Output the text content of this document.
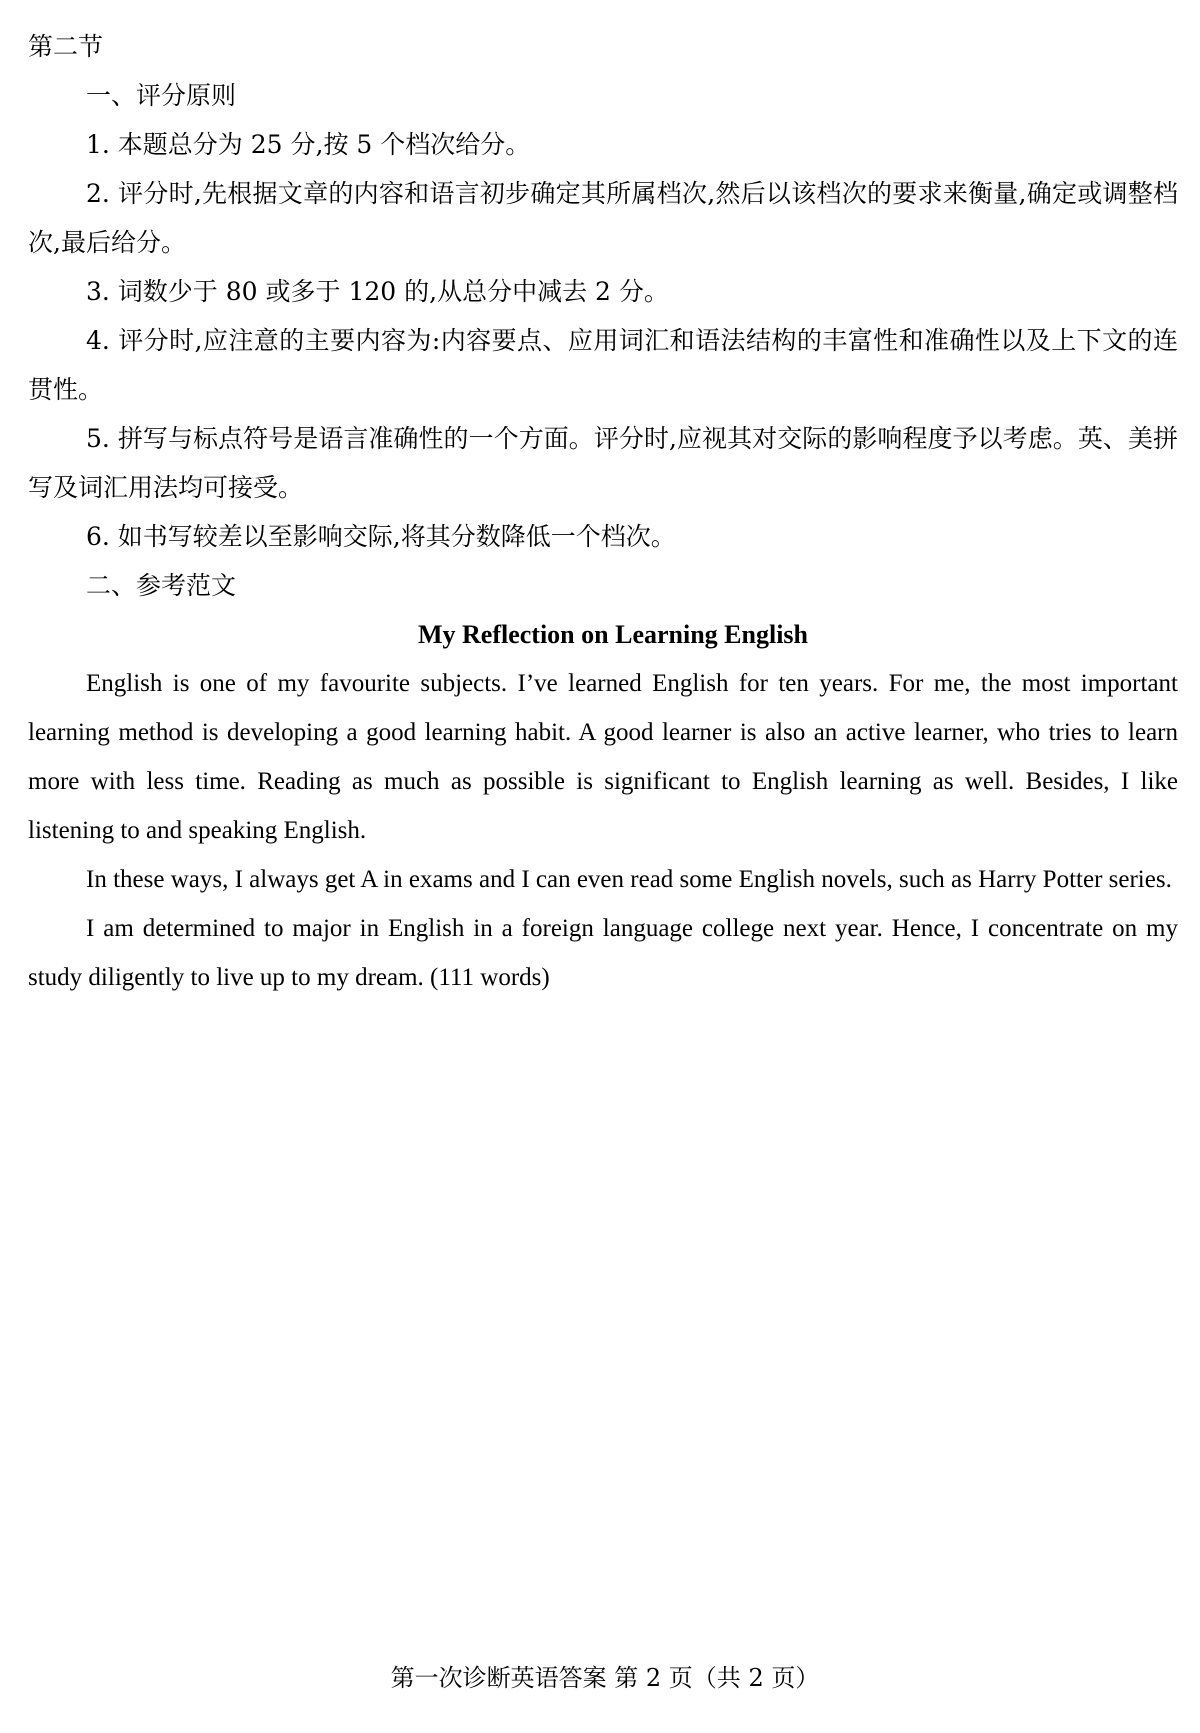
第二节

一、评分原则

1. 本题总分为 25 分,按 5 个档次给分。

2. 评分时,先根据文章的内容和语言初步确定其所属档次,然后以该档次的要求来衡量,确定或调整档次,最后给分。

3. 词数少于 80 或多于 120 的,从总分中减去 2 分。

4. 评分时,应注意的主要内容为:内容要点、应用词汇和语法结构的丰富性和准确性以及上下文的连贯性。

5. 拼写与标点符号是语言准确性的一个方面。评分时,应视其对交际的影响程度予以考虑。英、美拼写及词汇用法均可接受。

6. 如书写较差以至影响交际,将其分数降低一个档次。

二、参考范文

My Reflection on Learning English

English is one of my favourite subjects. I’ve learned English for ten years. For me, the most important learning method is developing a good learning habit. A good learner is also an active learner, who tries to learn more with less time. Reading as much as possible is significant to English learning as well. Besides, I like listening to and speaking English.

In these ways, I always get A in exams and I can even read some English novels, such as Harry Potter series.

I am determined to major in English in a foreign language college next year. Hence, I concentrate on my study diligently to live up to my dream. (111 words)

第一次诊断英语答案 第 2 页（共 2 页）
